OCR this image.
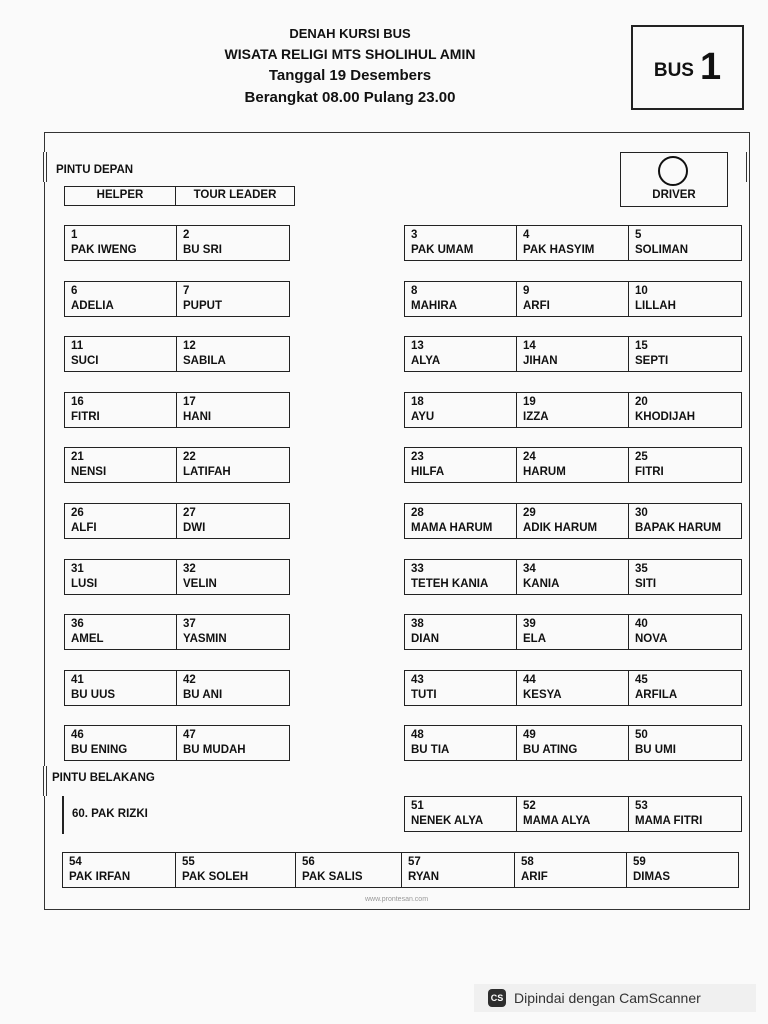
DENAH KURSI BUS
WISATA RELIGI MTS SHOLIHUL AMIN
Tanggal 19 Desembers
Berangkat 08.00 Pulang 23.00
BUS 1
PINTU DEPAN
HELPER	TOUR LEADER	DRIVER
1
PAK IWENG
2
BU SRI
6
ADELIA
7
PUPUT
11
SUCI
12
SABILA
16
FITRI
17
HANI
21
NENSI
22
LATIFAH
26
ALFI
27
DWI
31
LUSI
32
VELIN
36
AMEL
37
YASMIN
41
BU UUS
42
BU ANI
46
BU ENING
47
BU MUDAH
3
PAK UMAM
4
PAK HASYIM
5
SOLIMAN
8
MAHIRA
9
ARFI
10
LILLAH
13
ALYA
14
JIHAN
15
SEPTI
18
AYU
19
IZZA
20
KHODIJAH
23
HILFA
24
HARUM
25
FITRI
28
MAMA HARUM
29
ADIK HARUM
30
BAPAK HARUM
33
TETEH KANIA
34
KANIA
35
SITI
38
DIAN
39
ELA
40
NOVA
43
TUTI
44
KESYA
45
ARFILA
48
BU TIA
49
BU ATING
50
BU UMI
PINTU BELAKANG
60. PAK RIZKI
51
NENEK ALYA
52
MAMA ALYA
53
MAMA FITRI
54
PAK IRFAN
55
PAK SOLEH
56
PAK SALIS
57
RYAN
58
ARIF
59
DIMAS
www.prontesan.com
CS Dipindai dengan CamScanner
